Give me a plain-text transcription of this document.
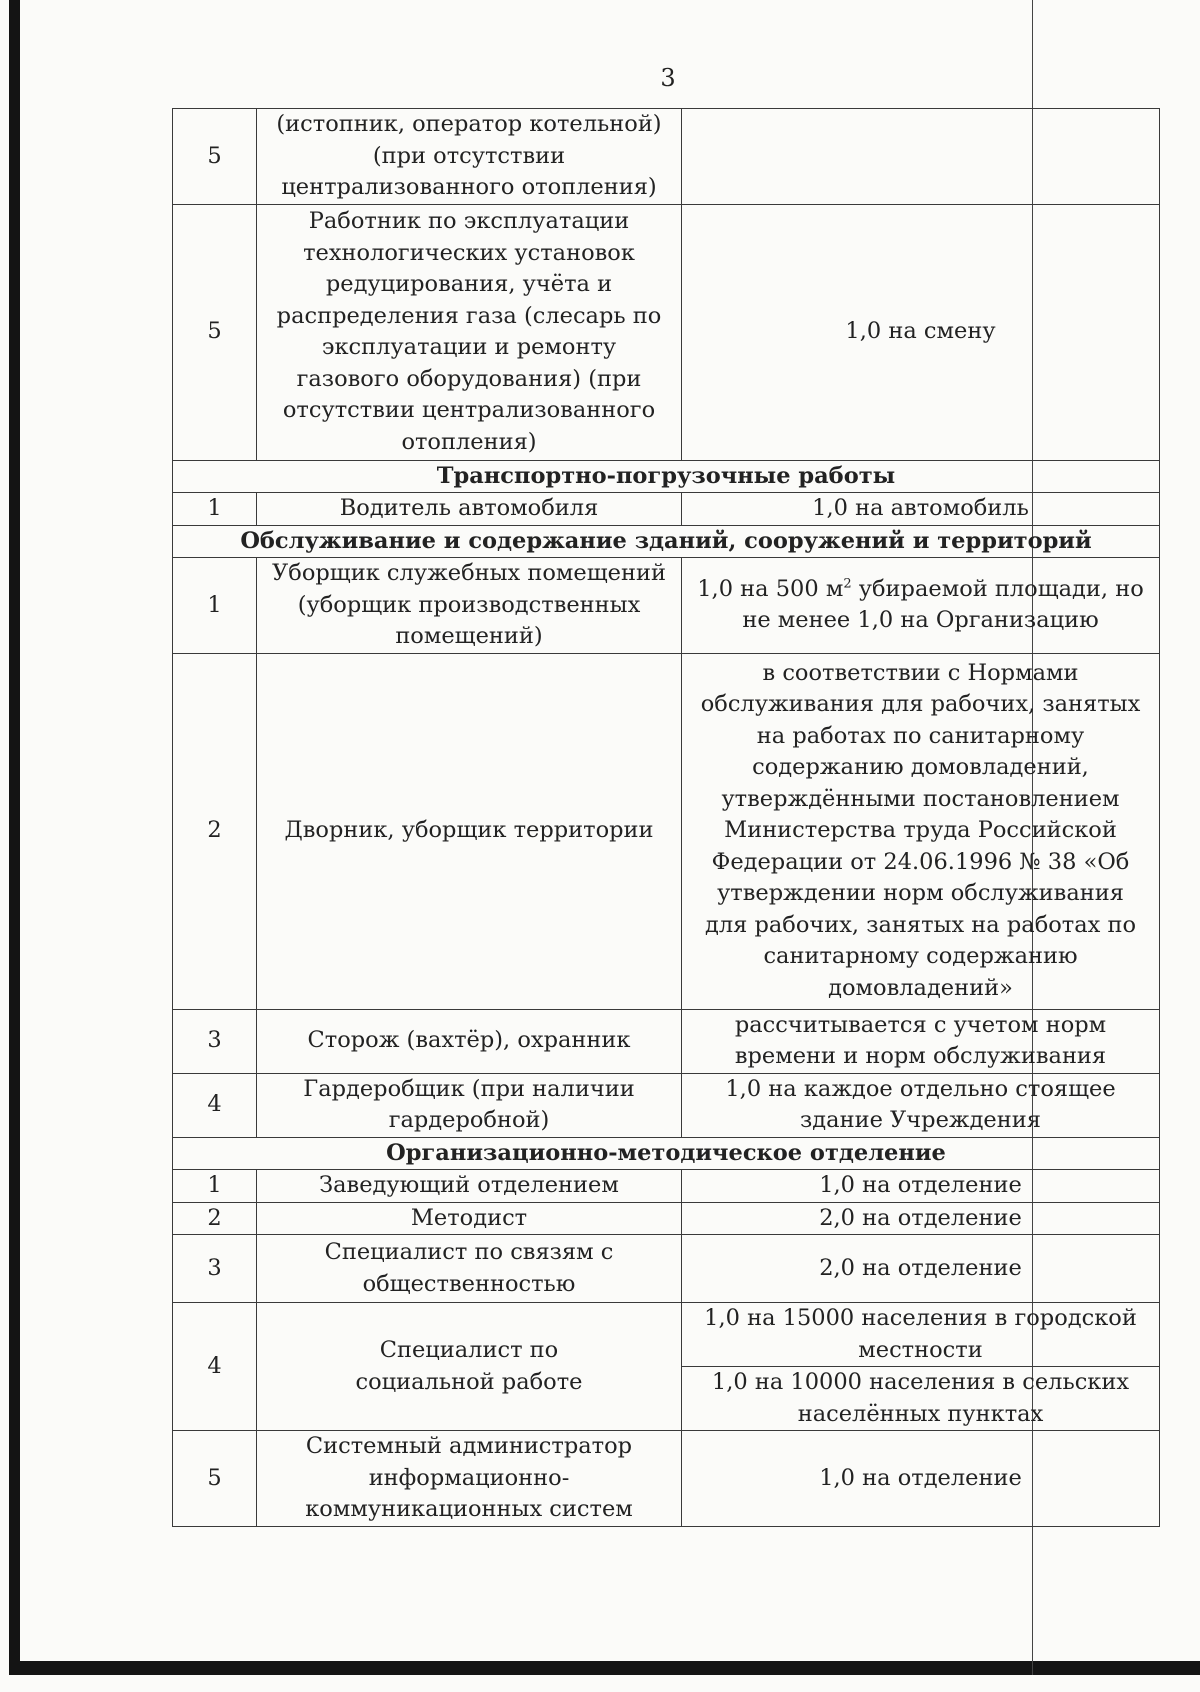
3
5	(истопник, оператор котельной) (при отсутствии централизованного отопления)	
5	Работник по эксплуатации технологических установок редуцирования, учёта и распределения газа (слесарь по эксплуатации и ремонту газового оборудования) (при отсутствии централизованного отопления)	1,0 на смену
Транспортно-погрузочные работы		
1	Водитель автомобиля	1,0 на автомобиль
Обслуживание и содержание зданий, сооружений и территорий		
1	Уборщик служебных помещений (уборщик производственных помещений)	1,0 на 500 $м^2$ убираемой площади, но не менее 1,0 на Организацию
2	Дворник, уборщик территории	в соответствии с Нормами обслуживания для рабочих, занятых на работах по санитарному содержанию домовладений, утверждёнными постановлением Министерства труда Российской Федерации от 24.06.1996 № 38 «Об утверждении норм обслуживания для рабочих, занятых на работах по санитарному содержанию домовладений»
3	Сторож (вахтёр), охранник	рассчитывается с учетом норм времени и норм обслуживания
4	Гардеробщик (при наличии гардеробной)	1,0 на каждое отдельно стоящее здание Учреждения
Организационно-методическое отделение		
1	Заведующий отделением	1,0 на отделение
2	Методист	2,0 на отделение
3	Специалист по связям с общественностью	2,0 на отделение
4	Специалист по социальной работе	1,0 на 15000 населения в городской местности
		1,0 на 10000 населения в сельских населённых пунктах
5	Системный администратор информационно-коммуникационных систем	1,0 на отделение
